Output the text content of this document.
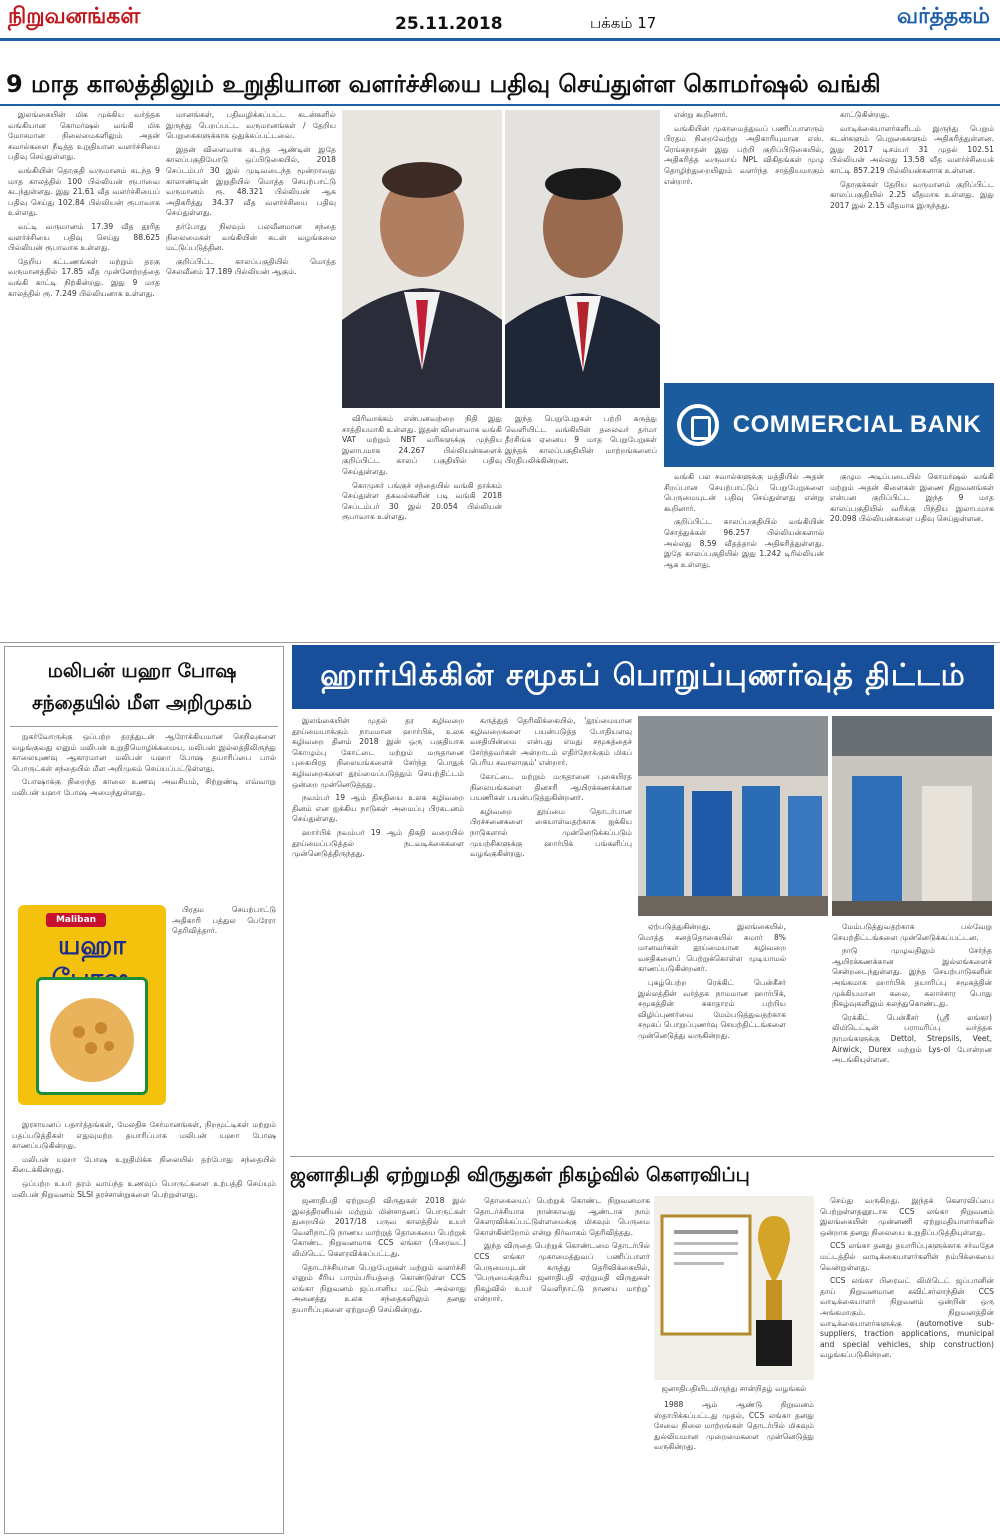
நிறுவனங்கள்	25.11.2018	பக்கம் 17	வர்த்தகம்
9 மாத காலத்திலும் உறுதியான வளர்ச்சியை பதிவு செய்துள்ள கொமர்ஷல் வங்கி

இலங்கையின் மிக முக்கிய வர்த்தக வங்கியான கொமர்ஷல் வங்கி மிக மோசமான நிலைமைகளிலும் அதன் சவால்களை நீடித்த உறுதியான வளர்ச்சியை பதிவு செய்துள்ளது.

வங்கியின் தொகுதி வருமானம் கடந்த 9 மாத காலத்தில் 100 பில்லியன் ரூபாவை கடந்துள்ளது. இது 21.61 வீத வளர்ச்சியைப் பதிவு செய்து 102.84 பில்லியன் ரூபாவாக உள்ளது.

வட்டி வருமானம் 17.39 வீத தூரித வளர்ச்சியை பதிவு செய்து 88.625 பில்லியன் ரூபாவாக உள்ளது.

தேறிய கட்டணங்கள் மற்றும் தரகு வருமானத்தில் 17.85 வீத முன்னேற்றத்தை வங்கி காட்டி நிற்கின்றது. இது 9 மாத காலத்தில் ரூ. 7.249 பில்லியனாக உள்ளது.

மானங்கள், பதிவழிக்கப்பட்ட கடன்களில் இருந்து பெறப்பட்ட வருமானங்கள் / தேறிய பெறுகைகளுக்காக ஒதுக்கப்பட்டவை.

இதன் விளைவாக கடந்த ஆண்டின் இதே காலப்பகுதியோடு ஒப்பிடுகையில், 2018 செப்டம்பர் 30 இல் முடிவடைந்த மூன்றாவது காலாண்டின் இறுதியில் மொத்த செயற்பாட்டு வருமானம் ரூ. 48.321 பில்லியன் ஆக அதிகரித்து 34.37 வீத வளர்ச்சியை பதிவு செய்துள்ளது.

தர்போது நிலவும் பலவீனமான சந்தை நிலைமைகள் வங்கியின் கடன் வழங்கலை மட்டுப்படுத்தின.

குறிப்பிட்ட காலப்பகுதியில் மொத்த செலவீனம் 17.189 பில்லியன் ஆகும்.

விரிவாக்கம் என்பனவற்றை நிதி இது சாத்தியமாகி உள்ளது. இதன் விளைவாக வங்கி VAT மற்றும் NBT வரிகளுக்கு முந்திய இலாபமாக 24.267 பில்லியன்களைக் குறிப்பிட்ட காலப் பகுதியில் பதிவு செய்துள்ளது.

கொமுசுர் பங்குச் சந்தையில் வங்கி தாக்கம் செய்துள்ள தகவல்களின் படி வங்கி 2018 செப்டம்பர் 30 இல் 20.054 பில்லியன் ரூபாவாக உள்ளது.

இந்த பெறுபேறுகள் பற்றி கருத்து வெளியிட்ட வங்கியின் தலைவர் தர்மா தீரசிங்க ஏனைய 9 மாத பெறுபேறுகள் இந்தக் காலப்பகுதியின் மாற்றங்களைப் பிரதிபலிக்கின்றன.

என்று கூறினார்.

வங்கியின் முகாமைத்துவப் பணிப்பாளரும் பிரதம நிறைவேற்று அதிகாரியுமான எஸ். ரெங்கநாதன் இது பற்றி குறிப்பிடுகையில், அதிகரித்த வருவாய் NPL விகிதங்கள் முழு தொழிற்துறையிலும் வளர்ந்த சாத்தியமாகும் என்றார்.

காட்டுகின்றது.

வாடிக்கையாளர்களிடம் இருந்து பெறும் கடன்களும் பெறுகைகளும் அதிகரித்துள்ளன. இது 2017 டிசம்பர் 31 முதல் 102.51 பில்லியன் அல்லது 13.58 வீத வளர்ச்சியைக் காட்டி 857.219 பில்லியன்களாக உள்ளன.

தொகுக்கள் தேறிய வருமானம் குறிப்பிட்ட காலப்பகுதியில் 2.25 வீதமாக உள்ளது. இது 2017 இல் 2.15 வீதமாக இருந்தது.

COMMERCIAL BANK

வங்கி பல சவால்களுக்கு மத்தியில் அதன் சிறப்பான செயற்பாட்டுப் பெறுபேறுகளை பெருமையுடன் பதிவு செய்துள்ளது என்று கூறினார்.

குறிப்பிட்ட காலப்பகுதியில் வங்கியின் சொத்துக்கள் 96.257 பில்லியன்களால் அல்லது 8.59 வீதத்தால் அதிகரித்துள்ளது. இதே காலப்பகுதியில் இது 1.242 டிரில்லியன் ஆக உள்ளது.

குழும அடிப்படையில் கொமர்ஷல் வங்கி மற்றும் அதன் கிளைகள் இணை நிறுவனங்கள் என்பன குறிப்பிட்ட இந்த 9 மாத காலப்பகுதியில் வரிக்கு பிந்திய இலாபமாக 20.098 பில்லியன்களை பதிவு செய்துள்ளன.

மலிபன் யஹா போஷ
சந்தையில் மீள அறிமுகம்

நுகர்வோருக்கு ஒப்பற்ற தரத்துடன் ஆரோக்கியமான செறிவுகளை வழங்குவது எனும் மலிபன் உறுதிமொழிக்கமைய, மலிபன் இல்லத்திலிருந்து காலையுணவு ஆகாரமான மலிபன் யஹா போஷ தயாரிப்பை பால் பொருட்கள் சந்தையில் மீள அறிமுகம் செய்யப்பட்டுள்ளது.

போஷாக்கு நிறைந்த காலை உணவு அவசியம், சிற்றுண்டி எவ்வாறு மலிபன் யஹா போஷ அமைந்துள்ளது.

Maliban
யஹா

பிரதம செயற்பாட்டு அதிகாரி பத்துல பெரேரா தெரிவித்தார்.

இரசாயனப் பதார்த்தங்கள், மேலதிக சேர்மானங்கள், நிறமூட்டிகள் மற்றும் பதப்படுத்திகள் எதுவுமற்ற தயாரிப்பாக மலிபன் யஹா போஷ காணப்படுகின்றது.

மலிபன் யஹா போஷ உறுதிமிக்க நிலையில் தற்போது சந்தையில் கிடைக்கின்றது.

ஒப்பற்ற உயர் தரம் வாய்ந்த உணவுப் பொருட்களை உற்பத்தி செய்யும் மலிபன் நிறுவனம் SLSI தரச்சான்றுகளை பெற்றுள்ளது.

ஹார்பிக்கின் சமூகப் பொறுப்புணர்வுத் திட்டம்

இலங்கையின் முதல் தர கழிவறை தூய்மையாக்கும் நாமமான ஹார்பிக், உலக கழிவறை தினம் 2018 இன் ஒரு பகுதியாக கொழும்பு கோட்டை மற்றும் மருதானை புகையிரத நிலையங்களைச் சேர்ந்த பொதுக் கழிவறைகளை தூய்மைப்படுத்தும் செயற்திட்டம் ஒன்றை முன்னெடுத்தது.

நவம்பர் 19 ஆம் திகதியை உலக கழிவறை தினம் என ஐக்கிய நாடுகள் அமைப்பு பிரகடனம் செய்துள்ளது.

ஹார்பிக் நவம்பர் 19 ஆம் திகதி வரையில் தூய்மைப்படுத்தல் நடவடிக்கைகளை முன்னெடுத்திருந்தது.

கருத்துத் தெரிவிக்கையில், 'தூய்மையான கழிவறைகளை பயன்படுத்த போதியளவு வசதியின்மை என்பது எமது சமூகத்தைச் சேர்ந்தவர்கள் அன்றாடம் எதிர்நோக்கும் மிகப் பெரிய சவாலாகும்' என்றார்.

கோட்டை மற்றும் மருதானை புகையிரத நிலையங்களை தினசரி ஆயிரக்கணக்கான பயணிகள் பயன்படுத்துகின்றனர்.

கழிவறை தூய்மை தொடர்பான பிரச்சனைகளை கையாள்வதற்காக ஐக்கிய நாடுகளால் முன்னெடுக்கப்படும் முயற்சிகளுக்கு ஹார்பிக் பங்களிப்பு வழங்குகின்றது.

ஏற்படுத்துகின்றது. இலங்கையில், மொத்த சனத்தொகையில் சுமார் 8% மானவர்கள் தூய்மையான கழிவறை வசதிகளைப் பெற்றுக்கொள்ள முடியாமல் காணப்படுகின்றனர்.

புகழ்பெற்ற ரெக்கிட் பென்கீசர் இல்லத்தின் வர்த்தக நாமமான ஹார்பிக், சமூகத்தின் சுகாதாரம் பற்றிய விழிப்புணர்வை மேம்படுத்துவதற்காக சமூகப் பொறுப்புணர்வு செயற்திட்டங்களை முன்னெடுத்து வருகின்றது.

மேம்படுத்துவதற்காக பல்வேறு செயற்திட்டங்களை முன்னெடுக்கப்பட்டன.

நாடு முழுவதிலும் சேர்ந்த ஆயிரக்கணக்கான இல்லங்களைச் சென்றடைந்துள்ளது. இந்த செயற்பாடுகளின் அங்கமாக ஹார்பிக் தயாரிப்பு சமூகத்தின் முக்கியமான கலை, கலாச்சார பொது நிகழ்வுகளிலும் கலந்துகொண்டது.

ரெக்கிட் பென்கீசர் (ஸ்ரீ லங்கா) லிமிடெட்டின் பராமரிப்பு வர்த்தக நாமங்களுக்கு Dettol, Strepsils, Veet, Airwick, Durex மற்றும் Lys-ol போன்றன அடங்கியுள்ளன.

ஜனாதிபதி ஏற்றுமதி விருதுகள் நிகழ்வில் கௌரவிப்பு

ஜனாதிபதி ஏற்றுமதி விருதுகள் 2018 இல் இலத்திரனியல் மற்றும் மின்சாதனப் பொருட்கள் துறையில் 2017/18 பருவ காலத்தில் உயர் வெளிநாட்டு நாணய மாற்றுத் தொகையை பெற்றுக் கொண்ட நிறுவனமாக CCS லங்கா (பிரைவட்) லிமிடெட் கௌரவிக்கப்பட்டது.

தொடர்ச்சியான பெறுபேறுகள் மற்றும் வளர்ச்சி எனும் சீரிய பாரம்பரியத்தை கொண்டுள்ள CCS லங்கா நிறுவனம் ஜப்பானிய மட்டும் அல்லாது அனைத்து உலக சந்தைகளிலும் தனது தயாரிப்புகளை ஏற்றுமதி செய்கின்றது.

தொகையைப் பெற்றுக் கொண்ட நிறுவனமாக தொடர்ச்சியாக நான்காவது ஆண்டாக நாம் கௌரவிக்கப்பட்டுள்ளமைக்கு மிகவும் பெருமை கொள்கின்றோம் என்று நிர்வாகம் தெரிவித்தது.

இந்த விருதை பெற்றுக் கொண்டமை தொடர்பில் CCS லங்கா முகாமைத்துவப் பணிப்பாளர் பெருமையுடன் கருத்து தெரிவிக்கையில், 'பெருமைக்குரிய ஜனாதிபதி ஏற்றுமதி விருதுகள் நிகழ்வில் உயர் வெளிநாட்டு நாணய மாற்று' என்றார்.

ஜனாதிபதியிடமிருந்து சான்றிதழ் வழங்கல்

1988 ஆம் ஆண்டு நிறுவனம் ஸ்தாபிக்கப்பட்டது முதல், CCS லங்கா தனது சேவை நிலை மாற்றங்கள் தொடர்பில் மிகவும் துல்லியமான முறைமைகளை முன்னெடுத்து வருகின்றது.

செய்து வருகிறது. இந்தக் கௌரவிப்பை பெற்றுள்ளதனூடாக CCS லங்கா நிறுவனம் இலங்கையின் முன்னணி ஏற்றுமதியாளர்களில் ஒன்றாக தனது நிலையை உறுதிப்படுத்தியுள்ளது.

CCS லங்கா தனது தயாரிப்புகளுக்காக சர்வதேச மட்டத்தில் வாடிக்கையாளர்களின் நம்பிக்கையை வென்றுள்ளது.

CCS லங்கா பிரைவட் லிமிடெட் ஜப்பானின் தாய் நிறுவனமான சுவிட்சர்லாந்தின் CCS வாடிக்கையாளர் நிறுவனம் ஒன்றின் ஒரு அங்கமாகும். நிறுவனத்தின் வாடிக்கையாளர்களுக்கு (automotive sub-suppliers, traction applications, municipal and special vehicles, ship construction) வழங்கப்படுகின்றன.
